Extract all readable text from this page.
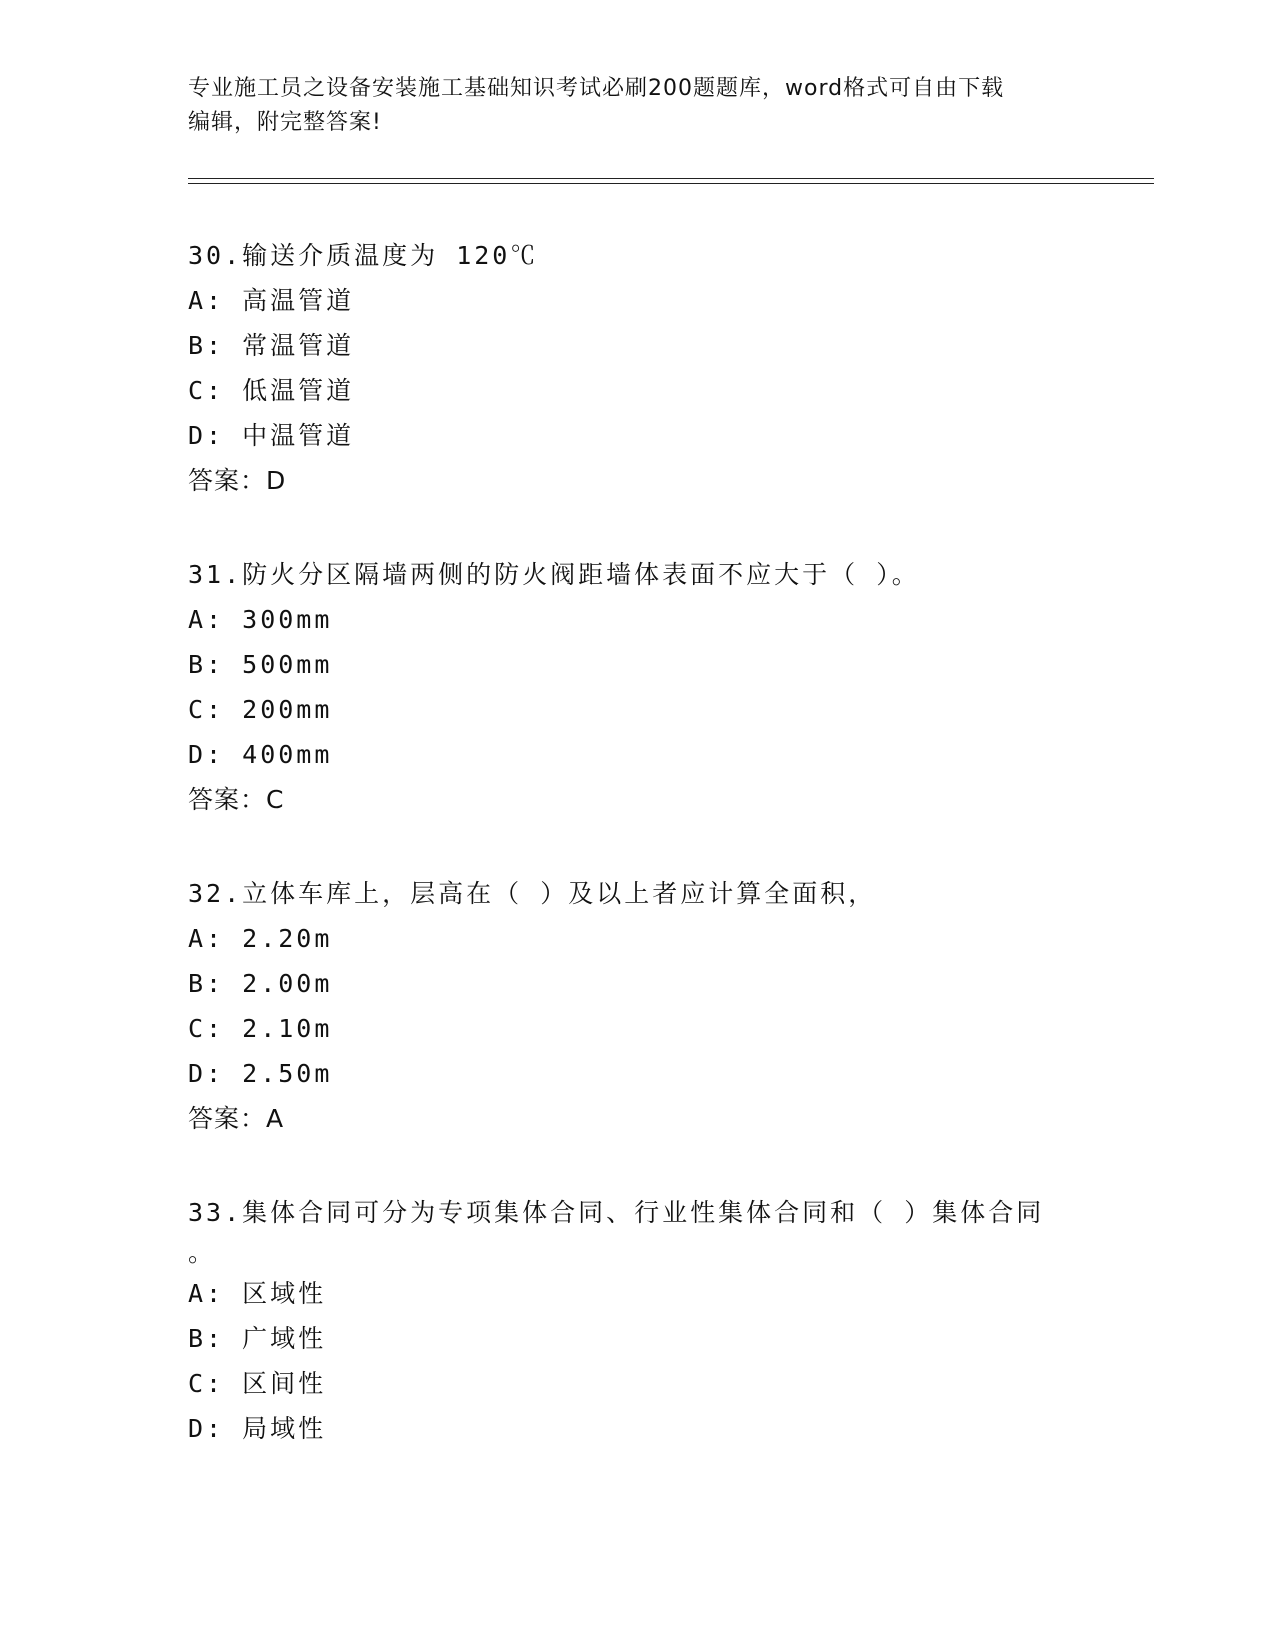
专业施工员之设备安装施工基础知识考试必刷200题题库，word格式可自由下载
编辑，附完整答案!
30.输送介质温度为 120℃
A: 高温管道
B: 常温管道
C: 低温管道
D: 中温管道
答案：D
31.防火分区隔墙两侧的防火阀距墙体表面不应大于（ ）。
A: 300mm
B: 500mm
C: 200mm
D: 400mm
答案：C
32.立体车库上，层高在（ ）及以上者应计算全面积，
A: 2.20m
B: 2.00m
C: 2.10m
D: 2.50m
答案：A
33.集体合同可分为专项集体合同、行业性集体合同和（ ）集体合同
。
A: 区域性
B: 广域性
C: 区间性
D: 局域性
